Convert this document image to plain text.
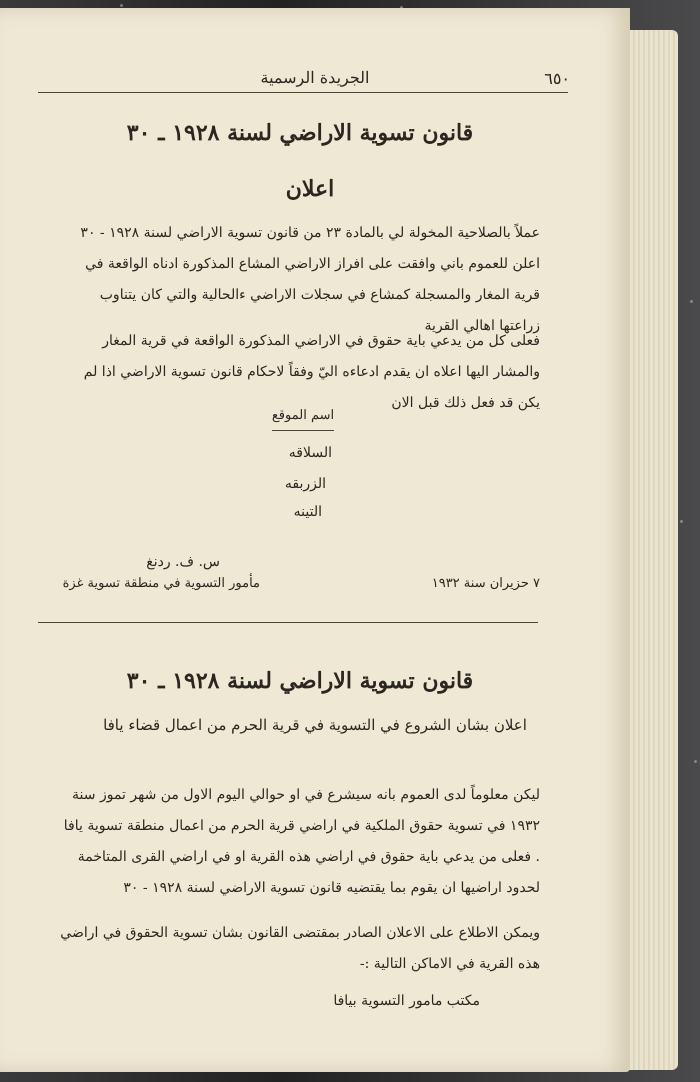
الجريدة الرسمية	٦٥٠
قانون تسوية الاراضي لسنة ١٩٢٨ ـ ٣٠
اعلان
عملاً بالصلاحية المخولة لي بالمادة ٢٣ من قانون تسوية الاراضي لسنة ١٩٢٨ - ٣٠ اعلن للعموم باني وافقت على افراز الاراضي المشاع المذكورة ادناه الواقعة في قرية المغار والمسجلة كمشاع في سجلات الاراضي ءالحالية والتي كان يتناوب زراعتها اهالي القرية
فعلى كل من يدعي باية حقوق في الاراضي المذكورة الواقعة في قرية المغار والمشار اليها اعلاه ان يقدم ادعاءه اليّ وفقاً لاحكام قانون تسوية الاراضي اذا لم يكن قد فعل ذلك قبل الان
اسم الموقع
السلاقه
الزربقه
التينه
س. ف. ردنغ
مأمور التسوية في منطقة تسوية غزة	٧ حزيران سنة ١٩٣٢
قانون تسوية الاراضي لسنة ١٩٢٨ ـ ٣٠
اعلان بشان الشروع في التسوية في قرية الحرم من اعمال قضاء يافا
ليكن معلوماً لدى العموم بانه سيشرع في او حوالي اليوم الاول من شهر تموز سنة ١٩٣٢ في تسوية حقوق الملكية في اراضي قرية الحرم من اعمال منطقة تسوية يافا . فعلى من يدعي باية حقوق في اراضي هذه القرية او في اراضي القرى المتاخمة لحدود اراضيها ان يقوم بما يقتضيه قانون تسوية الاراضي لسنة ١٩٢٨ - ٣٠
ويمكن الاطلاع على الاعلان الصادر بمقتضى القانون بشان تسوية الحقوق في اراضي هذه القرية في الاماكن التالية :-
مكتب مامور التسوية بيافا
